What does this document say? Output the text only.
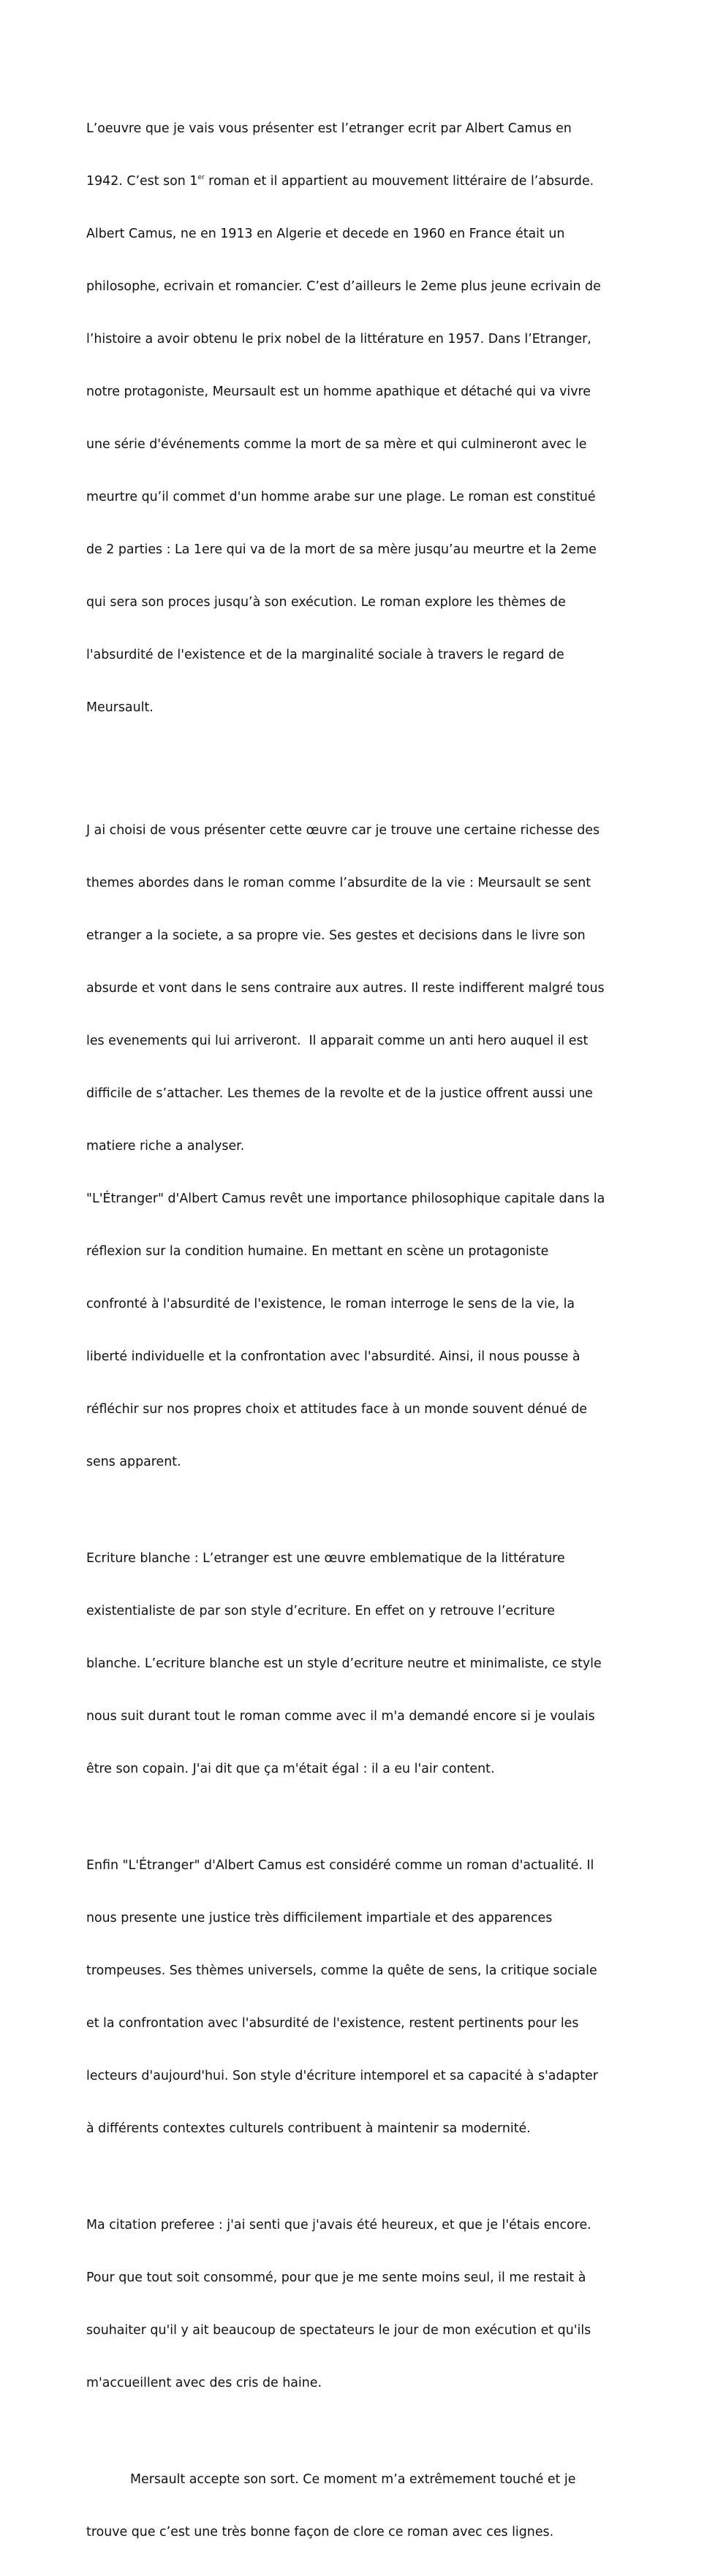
L’oeuvre que je vais vous présenter est l’etranger ecrit par Albert Camus en

1942. C’est son 1er roman et il appartient au mouvement littéraire de l’absurde.

Albert Camus, ne en 1913 en Algerie et decede en 1960 en France était un

philosophe, ecrivain et romancier. C’est d’ailleurs le 2eme plus jeune ecrivain de

l’histoire a avoir obtenu le prix nobel de la littérature en 1957. Dans l’Etranger,

notre protagoniste, Meursault est un homme apathique et détaché qui va vivre

une série d'événements comme la mort de sa mère et qui culmineront avec le

meurtre qu’il commet d'un homme arabe sur une plage. Le roman est constitué

de 2 parties : La 1ere qui va de la mort de sa mère jusqu’au meurtre et la 2eme

qui sera son proces jusqu’à son exécution. Le roman explore les thèmes de

l'absurdité de l'existence et de la marginalité sociale à travers le regard de

Meursault.

J ai choisi de vous présenter cette œuvre car je trouve une certaine richesse des

themes abordes dans le roman comme l’absurdite de la vie : Meursault se sent

etranger a la societe, a sa propre vie. Ses gestes et decisions dans le livre son

absurde et vont dans le sens contraire aux autres. Il reste indifferent malgré tous

les evenements qui lui arriveront.  Il apparait comme un anti hero auquel il est

difficile de s’attacher. Les themes de la revolte et de la justice offrent aussi une

matiere riche a analyser.

"L'Étranger" d'Albert Camus revêt une importance philosophique capitale dans la

réflexion sur la condition humaine. En mettant en scène un protagoniste

confronté à l'absurdité de l'existence, le roman interroge le sens de la vie, la

liberté individuelle et la confrontation avec l'absurdité. Ainsi, il nous pousse à

réfléchir sur nos propres choix et attitudes face à un monde souvent dénué de

sens apparent.

Ecriture blanche : L’etranger est une œuvre emblematique de la littérature

existentialiste de par son style d’ecriture. En effet on y retrouve l’ecriture

blanche. L’ecriture blanche est un style d’ecriture neutre et minimaliste, ce style

nous suit durant tout le roman comme avec il m'a demandé encore si je voulais

être son copain. J'ai dit que ça m'était égal : il a eu l'air content.

Enfin "L'Étranger" d'Albert Camus est considéré comme un roman d'actualité. Il

nous presente une justice très difficilement impartiale et des apparences

trompeuses. Ses thèmes universels, comme la quête de sens, la critique sociale

et la confrontation avec l'absurdité de l'existence, restent pertinents pour les

lecteurs d'aujourd'hui. Son style d'écriture intemporel et sa capacité à s'adapter

à différents contextes culturels contribuent à maintenir sa modernité.

Ma citation preferee : j'ai senti que j'avais été heureux, et que je l'étais encore.

Pour que tout soit consommé, pour que je me sente moins seul, il me restait à

souhaiter qu'il y ait beaucoup de spectateurs le jour de mon exécution et qu'ils

m'accueillent avec des cris de haine.

Mersault accepte son sort. Ce moment m’a extrêmement touché et je

trouve que c’est une très bonne façon de clore ce roman avec ces lignes.
